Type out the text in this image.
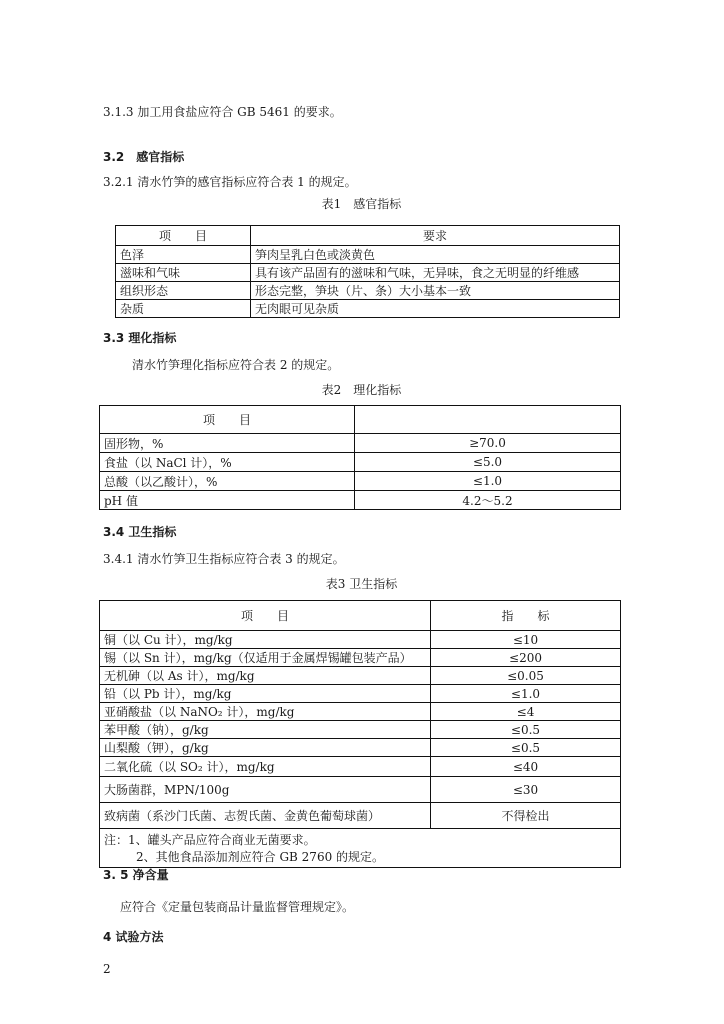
3.1.3 加工用食盐应符合 GB 5461 的要求。
3.2　感官指标
3.2.1 清水竹笋的感官指标应符合表 1 的规定。
表1　感官指标
项　　目	要求
色泽	笋肉呈乳白色或淡黄色
滋味和气味	具有该产品固有的滋味和气味，无异味，食之无明显的纤维感
组织形态	形态完整，笋块（片、条）大小基本一致
杂质	无肉眼可见杂质
3.3 理化指标
清水竹笋理化指标应符合表 2 的规定。
表2　理化指标
项　　目	
固形物，%	≥70.0
食盐（以 NaCl 计），%	≤5.0
总酸（以乙酸计），%	≤1.0
pH 值	4.2～5.2
3.4 卫生指标
3.4.1 清水竹笋卫生指标应符合表 3 的规定。
表3 卫生指标
项　　目	指　　标
铜（以 Cu 计），mg/kg	≤10
锡（以 Sn 计），mg/kg（仅适用于金属焊锡罐包装产品）	≤200
无机砷（以 As 计），mg/kg	≤0.05
铅（以 Pb 计），mg/kg	≤1.0
亚硝酸盐（以 NaNO₂ 计），mg/kg	≤4
苯甲酸（钠），g/kg	≤0.5
山梨酸（钾），g/kg	≤0.5
二氧化硫（以 SO₂ 计），mg/kg	≤40
大肠菌群，MPN/100g	≤30
致病菌（系沙门氏菌、志贺氏菌、金黄色葡萄球菌）	不得检出

注：1、罐头产品应符合商业无菌要求。
2、其他食品添加剂应符合 GB 2760 的规定。	
3. 5 净含量
应符合《定量包装商品计量监督管理规定》。
4 试验方法
2
